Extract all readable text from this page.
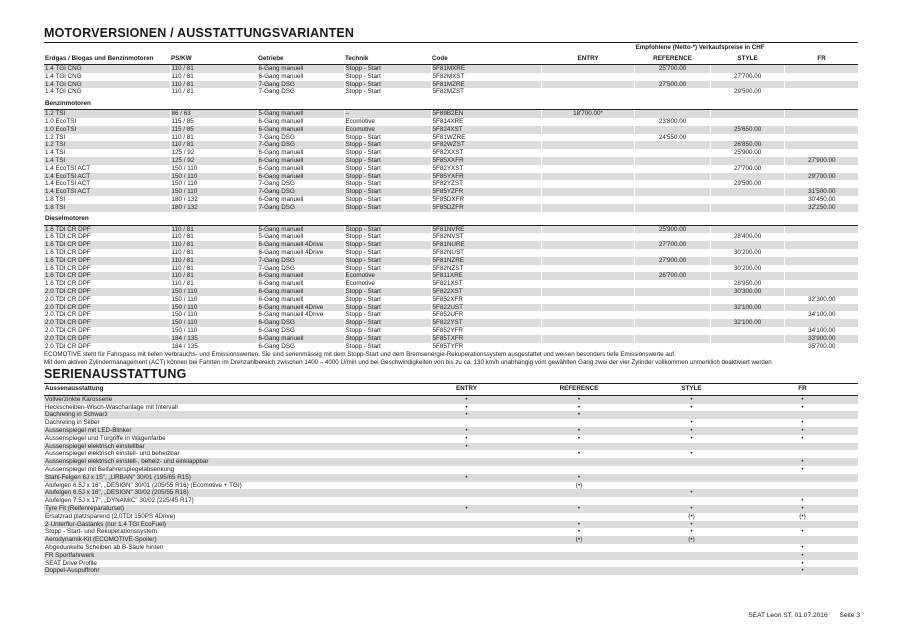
MOTORVERSIONEN / AUSSTATTUNGSVARIANTEN
					Empfohlene (Netto-*) Verkaufspreise in CHF			
Erdgas / Biogas und Benzinmotoren	PS/KW	Getriebe	Technik	Code	ENTRY	REFERENCE	STYLE	FR
1.4 TGI CNG	110 / 81	6-Gang manuell	Stopp - Start	5F81MXRE		25'700.00		
1.4 TGI CNG	110 / 81	6-Gang manuell	Stopp - Start	5F82MXST			27'700.00	
1.4 TGI CNG	110 / 81	7-Gang DSG	Stopp - Start	5F81MZRE		27'500.00		
1.4 TGI CNG	110 / 81	7-Gang DSG	Stopp - Start	5F82MZST			29'500.00	
Benzinmotoren								
1.2 TSI	86 / 63	5-Gang manuell	–	5F89B2EN	18'700.00*			
1.0 EcoTSI	115 / 85	6-Gang manuell	Ecomotive	5F814XRE		23'800.00		
1.0 EcoTSI	115 / 85	6-Gang manuell	Ecomotive	5F824XST			25'650.00	
1.2 TSI	110 / 81	7-Gang DSG	Stopp - Start	5F81WZRE		24'550.00		
1.2 TSI	110 / 81	7-Gang DSG	Stopp - Start	5F82WZST			26'850.00	
1.4 TSI	125 / 92	6-Gang manuell	Stopp - Start	5F82XXST			25'900.00	
1.4 TSI	125 / 92	6-Gang manuell	Stopp - Start	5F85XXFR				27'900.00
1.4 EcoTSI ACT	150 / 110	6-Gang manuell	Stopp - Start	5F82YXST			27'700.00	
1.4 EcoTSI ACT	150 / 110	6-Gang manuell	Stopp - Start	5F85YXFR				29'700.00
1.4 EcoTSI ACT	150 / 110	7-Gang DSG	Stopp - Start	5F82YZST			29'500.00	
1.4 EcoTSI ACT	150 / 110	7-Gang DSG	Stopp - Start	5F85YZFR				31'500.00
1.8 TSI	180 / 132	6-Gang manuell	Stopp - Start	5F85DXFR				30'450.00
1.8 TSI	180 / 132	7-Gang DSG	Stopp - Start	5F85DZFR				32'250.00
Dieselmotoren								
1.6 TDI CR DPF	110 / 81	5-Gang manuell	Stopp - Start	5F81NVRE		25'900.00		
1.6 TDI CR DPF	110 / 81	5-Gang manuell	Stopp - Start	5F82NVST			28'400.00	
1.6 TDI CR DPF	110 / 81	6-Gang manuell 4Drive	Stopp - Start	5F81NURE		27'700.00		
1.6 TDI CR DPF	110 / 81	6-Gang manuell 4Drive	Stopp - Start	5F82NUST			30'200.00	
1.6 TDI CR DPF	110 / 81	7-Gang DSG	Stopp - Start	5F81NZRE		27'900.00		
1.6 TDI CR DPF	110 / 81	7-Gang DSG	Stopp - Start	5F82NZST			30'200.00	
1.6 TDI CR DPF	110 / 81	6-Gang manuell	Ecomotive	5F811XRE		26'700.00		
1.6 TDI CR DPF	110 / 81	6-Gang manuell	Ecomotive	5F821XST			28'950.00	
2.0 TDI CR DPF	150 / 110	6-Gang manuell	Stopp - Start	5F822XST			30'300.00	
2.0 TDI CR DPF	150 / 110	6-Gang manuell	Stopp - Start	5F852XFR				32'300.00
2.0 TDI CR DPF	150 / 110	6-Gang manuell 4Drive	Stopp - Start	5F822UST			32'100.00	
2.0 TDI CR DPF	150 / 110	6-Gang manuell 4Drive	Stopp - Start	5F852UFR				34'100.00
2.0 TDI CR DPF	150 / 110	6-Gang DSG	Stopp - Start	5F822YST			32'100.00	
2.0 TDI CR DPF	150 / 110	6-Gang DSG	Stopp - Start	5F852YFR				34'100.00
2.0 TDI CR DPF	184 / 135	6-Gang manuell	Stopp - Start	5F85TXFR				33'900.00
2.0 TDI CR DPF	184 / 135	6-Gang DSG	Stopp - Start	5F85TYFR				35'700.00
ECOMOTIVE steht für Fahrspass mit tiefen Verbrauchs- und Emissionswerten. Sie sind serienmässig mit dem Stopp-Start und dem Bremsenergie-Rekuperationssystem ausgestattet und weisen besonders tiefe Emissionswerte auf.
Mit dem aktiven Zylindermanagement (ACT) können bei Fahrten im Drehzahlbereich zwischen 1400 – 4000 U/min und bei Geschwindigkeiten von bis zu ca. 130 km/h unabhängig vom gewählten Gang zwei der vier Zylinder vollkommen unmerklich deaktiviert werden
SERIENAUSSTATTUNG
Aussenausstattung	ENTRY	REFERENCE	STYLE	FR
Vollverzinkte Karosserie	•	•	•	•
Heckscheiben-Wisch-Waschanlage mit Intervall	•	•	•	•
Dachreling in Schwarz	•	•		
Dachreling in Silber			•	•
Aussenspiegel mit LED-Blinker	•	•	•	•
Aussenspiegel und Türgriffe in Wagenfarbe	•	•	•	•
Aussenspiegel elektrisch einstellbar	•			
Aussenspiegel elektrisch einstell- und beheizbar		•	•	
Aussenspiegel elektrisch einstell-, beheiz- und einklappbar				•
Aussenspiegel mit Beifahrerspiegelabsenkung				•
Stahl-Felgen 6J x 15", „URBAN" 30/01 (195/65 R15)	•	•		
Alufelgen 6.5J x 16", „DESIGN" 30/01 (205/55 R16) (Ecomotive + TGI)		(•)		
Alufelgen 6.5J x 16", „DESIGN" 30/02 (205/55 R16)			•	
Alufelgen 7.5J x 17", „DYNAMIC" 30/02 (225/45 R17)				•
Tyre Fit (Reifenreparaturset)	•	•	•	•
Ersatzrad platzsparend (2.0TDI 150PS 4Drive)			(•)	(•)
2-Unterflur-Gastanks (nur 1.4 TGI EcoFuel)		•	•	
Stopp - Start- und Rekuperationssystem		•	•	•
Aerodynamik-Kit (ECOMOTIVE-Spoiler)		(•)	(•)	
Abgedunkelte Scheiben ab B-Säule hinten				•
FR Sportfahrwerk				•
SEAT Drive Profile				•
Doppel-Auspuffrohr				•
SEAT Leon ST, 01.07.2016 Seite 3
